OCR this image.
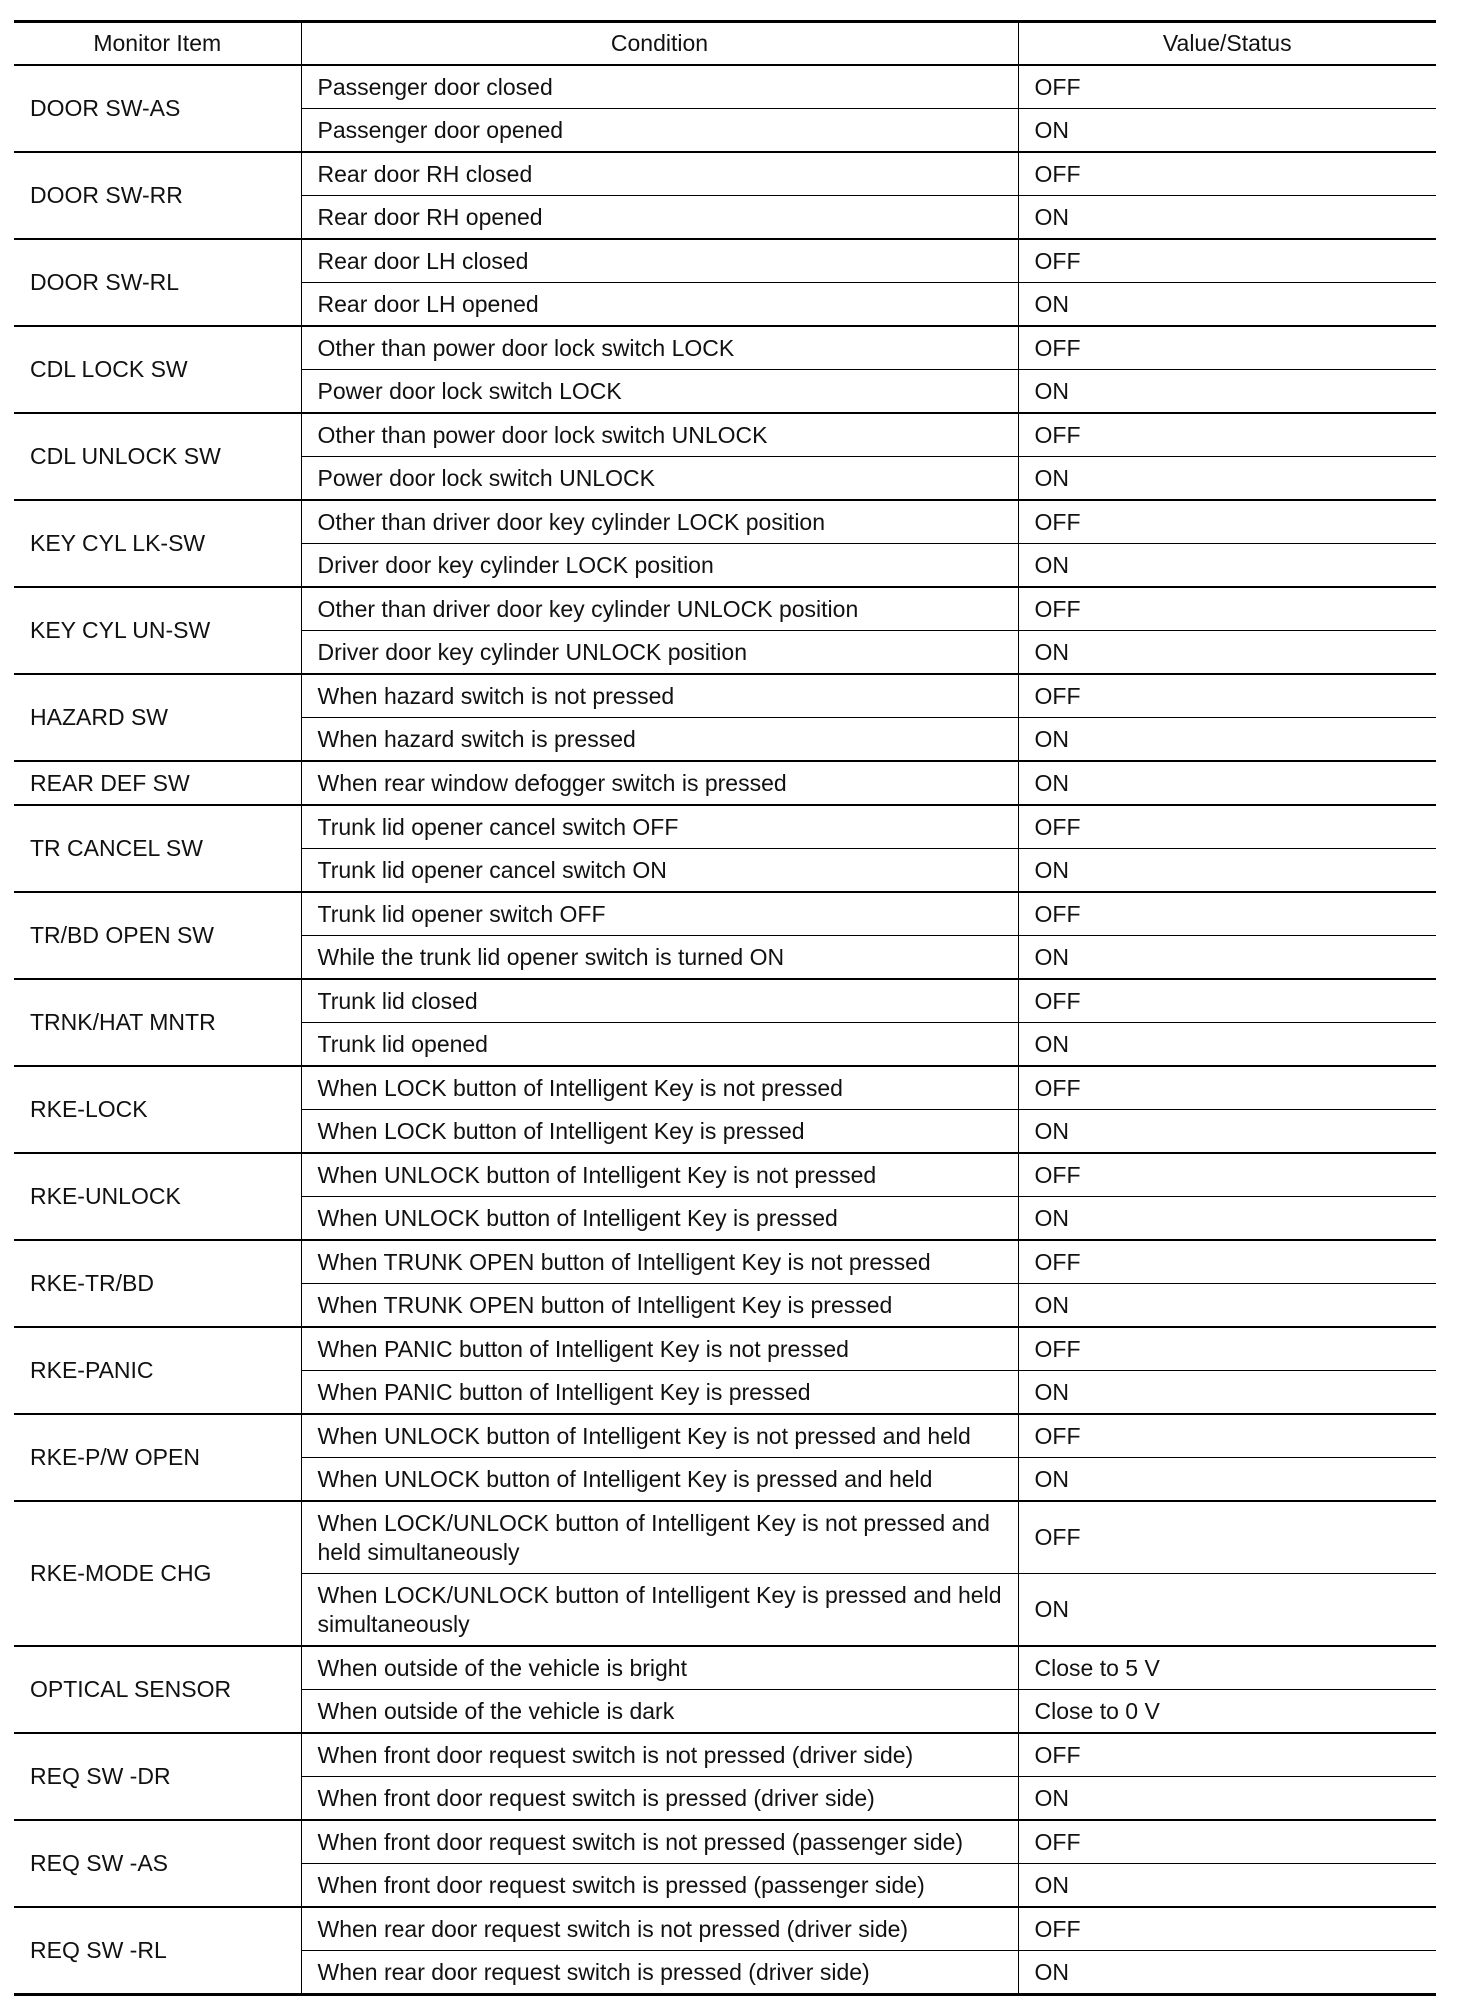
Monitor Item	Condition	Value/Status
DOOR SW-AS	Passenger door closed	OFF
	Passenger door opened	ON
DOOR SW-RR	Rear door RH closed	OFF
	Rear door RH opened	ON
DOOR SW-RL	Rear door LH closed	OFF
	Rear door LH opened	ON
CDL LOCK SW	Other than power door lock switch LOCK	OFF
	Power door lock switch LOCK	ON
CDL UNLOCK SW	Other than power door lock switch UNLOCK	OFF
	Power door lock switch UNLOCK	ON
KEY CYL LK-SW	Other than driver door key cylinder LOCK position	OFF
	Driver door key cylinder LOCK position	ON
KEY CYL UN-SW	Other than driver door key cylinder UNLOCK position	OFF
	Driver door key cylinder UNLOCK position	ON
HAZARD SW	When hazard switch is not pressed	OFF
	When hazard switch is pressed	ON
REAR DEF SW	When rear window defogger switch is pressed	ON
TR CANCEL SW	Trunk lid opener cancel switch OFF	OFF
	Trunk lid opener cancel switch ON	ON
TR/BD OPEN SW	Trunk lid opener switch OFF	OFF
	While the trunk lid opener switch is turned ON	ON
TRNK/HAT MNTR	Trunk lid closed	OFF
	Trunk lid opened	ON
RKE-LOCK	When LOCK button of Intelligent Key is not pressed	OFF
	When LOCK button of Intelligent Key is pressed	ON
RKE-UNLOCK	When UNLOCK button of Intelligent Key is not pressed	OFF
	When UNLOCK button of Intelligent Key is pressed	ON
RKE-TR/BD	When TRUNK OPEN button of Intelligent Key is not pressed	OFF
	When TRUNK OPEN button of Intelligent Key is pressed	ON
RKE-PANIC	When PANIC button of Intelligent Key is not pressed	OFF
	When PANIC button of Intelligent Key is pressed	ON
RKE-P/W OPEN	When UNLOCK button of Intelligent Key is not pressed and held	OFF
	When UNLOCK button of Intelligent Key is pressed and held	ON
RKE-MODE CHG	When LOCK/UNLOCK button of Intelligent Key is not pressed and held simultaneously	OFF
	When LOCK/UNLOCK button of Intelligent Key is pressed and held simultaneously	ON
OPTICAL SENSOR	When outside of the vehicle is bright	Close to 5 V
	When outside of the vehicle is dark	Close to 0 V
REQ SW -DR	When front door request switch is not pressed (driver side)	OFF
	When front door request switch is pressed (driver side)	ON
REQ SW -AS	When front door request switch is not pressed (passenger side)	OFF
	When front door request switch is pressed (passenger side)	ON
REQ SW -RL	When rear door request switch is not pressed (driver side)	OFF
	When rear door request switch is pressed (driver side)	ON
